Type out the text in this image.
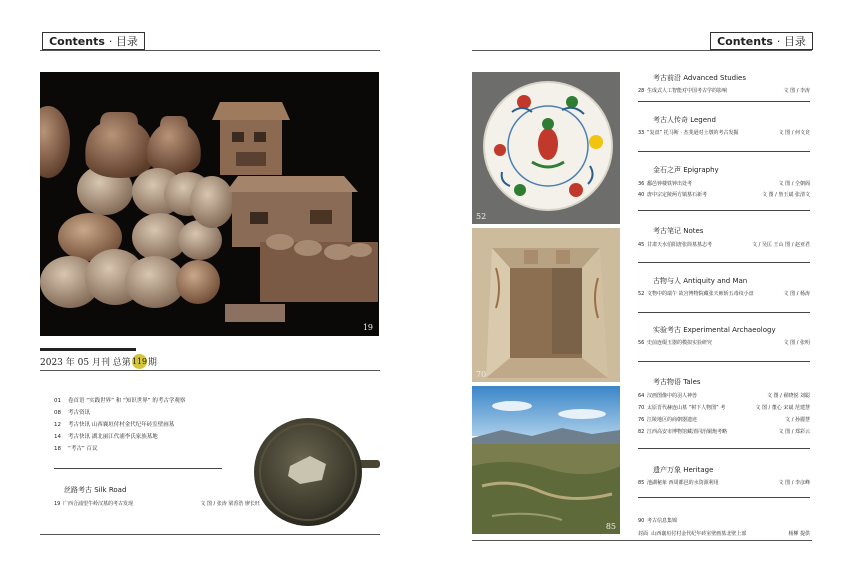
Contents · 目录
19
2023 年 05 月刊 总第 119 期
01 卷首语 “实践世界” 和 “知识世界” 的考古学观察
08 考古资讯
12 考古快讯 山西襄垣付村金代纪年砖室壁画墓
14 考古快讯 湖北丽江代浦李氏家族墓地
18 “考古” 百议
丝路考古 Silk Road
19 广西合浦望牛岭汉墓的考古发现	文 图 / 张涛 梁香浩 廖长旺
Contents · 目录
52
70
85
考古前沿 Advanced Studies
28 生成式人工智能对中国考古学的影响	文 图 / 李涛
考古人传奇 Legend
33 “复盘” 托马斯 · 杰斐逊对土墩的考古发掘	文 图 / 何文竞
金石之声 Epigraphy
36 鄱邑钟楼铁钟出处考	文 图 / 仝朝阁
40 唐中宗定陵两方镇墓石新考	文 图 / 詹玉斌 张清文
考古笔记 Notes
45 甘肃天水伯阳唐张简墓墓志考	文 / 吴匡 王山 图 / 赵亚君
古物与人 Antiquity and Man
52 文物中的端午 故宫博物院藏张天师斩五毒纹小盘	文 图 / 杨涛
实验考古 Experimental Archaeology
56 史前连缀玉器的模拟实验研究	文 图 / 张明
考古物语 Tales
64 汉画图像中的羽人神兽	文 图 / 翟晓悦 刘聪
70 太原晋代赫连山墓 “树下人物图” 考	文 图 / 董心 宋斌 范建慧
76 江陵地区的商朝器遗迹	文 / 孙麗慧
82 江西高安市博物馆藏清同治铜炮考略	文 图 / 郑彩云
遗产万象 Heritage
85 池湖秘象 西周都邑的水资源利用	文 图 / 李彦峰
90 考古信息集锦
封面 山西襄垣付村金代纪年砖室壁画墓北壁上部	杨柳 提供
